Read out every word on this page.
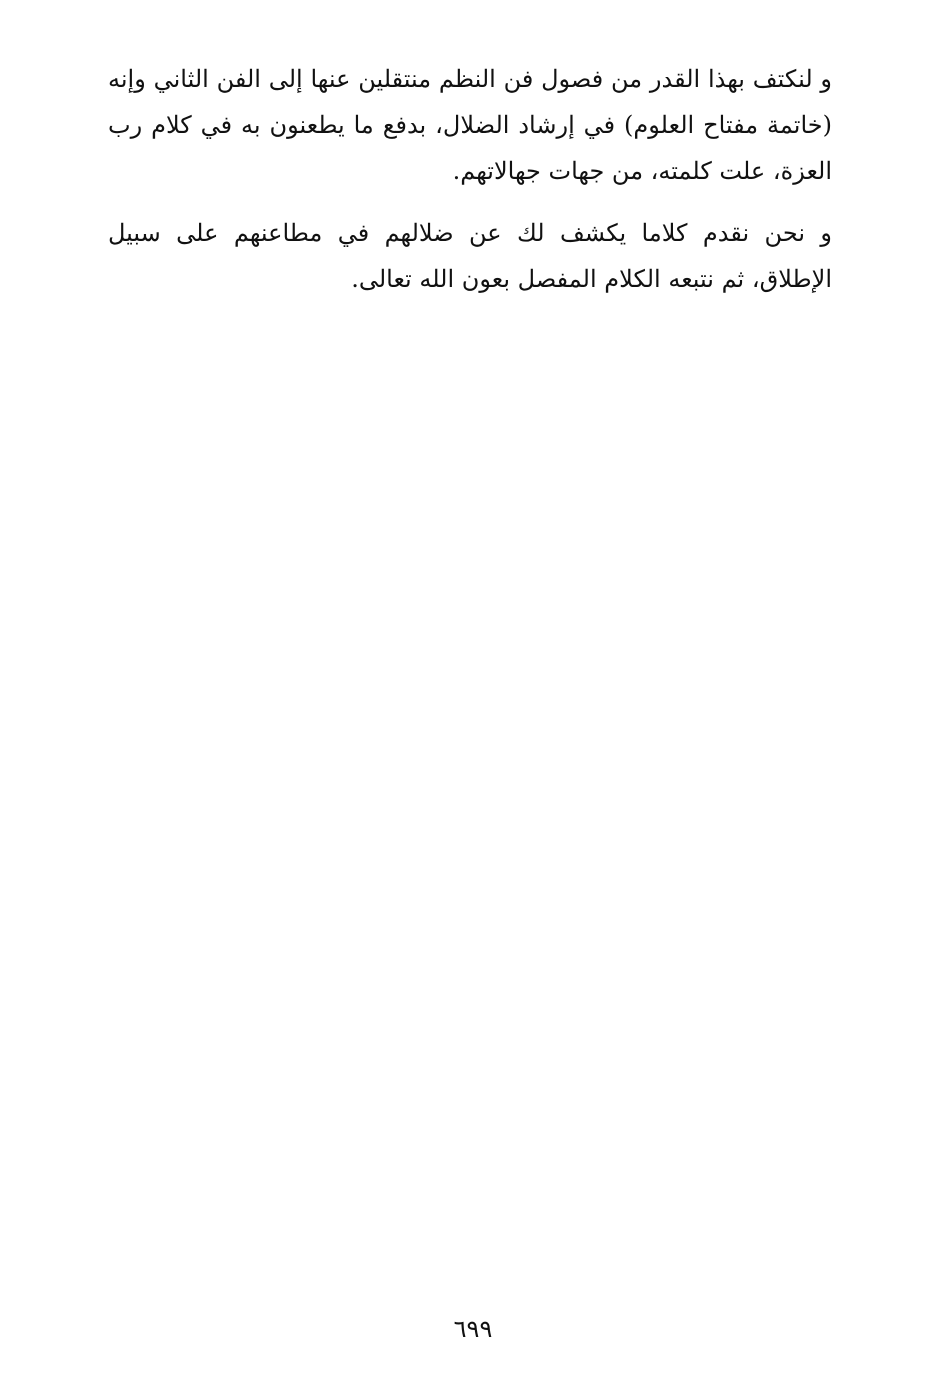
و لنكتف بهذا القدر من فصول فن النظم منتقلين عنها إلى الفن الثاني وإنه (خاتمة مفتاح العلوم) في إرشاد الضلال، بدفع ما يطعنون به في كلام رب العزة، علت كلمته، من جهات جهالاتهم.

و نحن نقدم كلاما يكشف لك عن ضلالهم في مطاعنهم على سبيل الإطلاق، ثم نتبعه الكلام المفصل بعون الله تعالى.

٦٩٩
